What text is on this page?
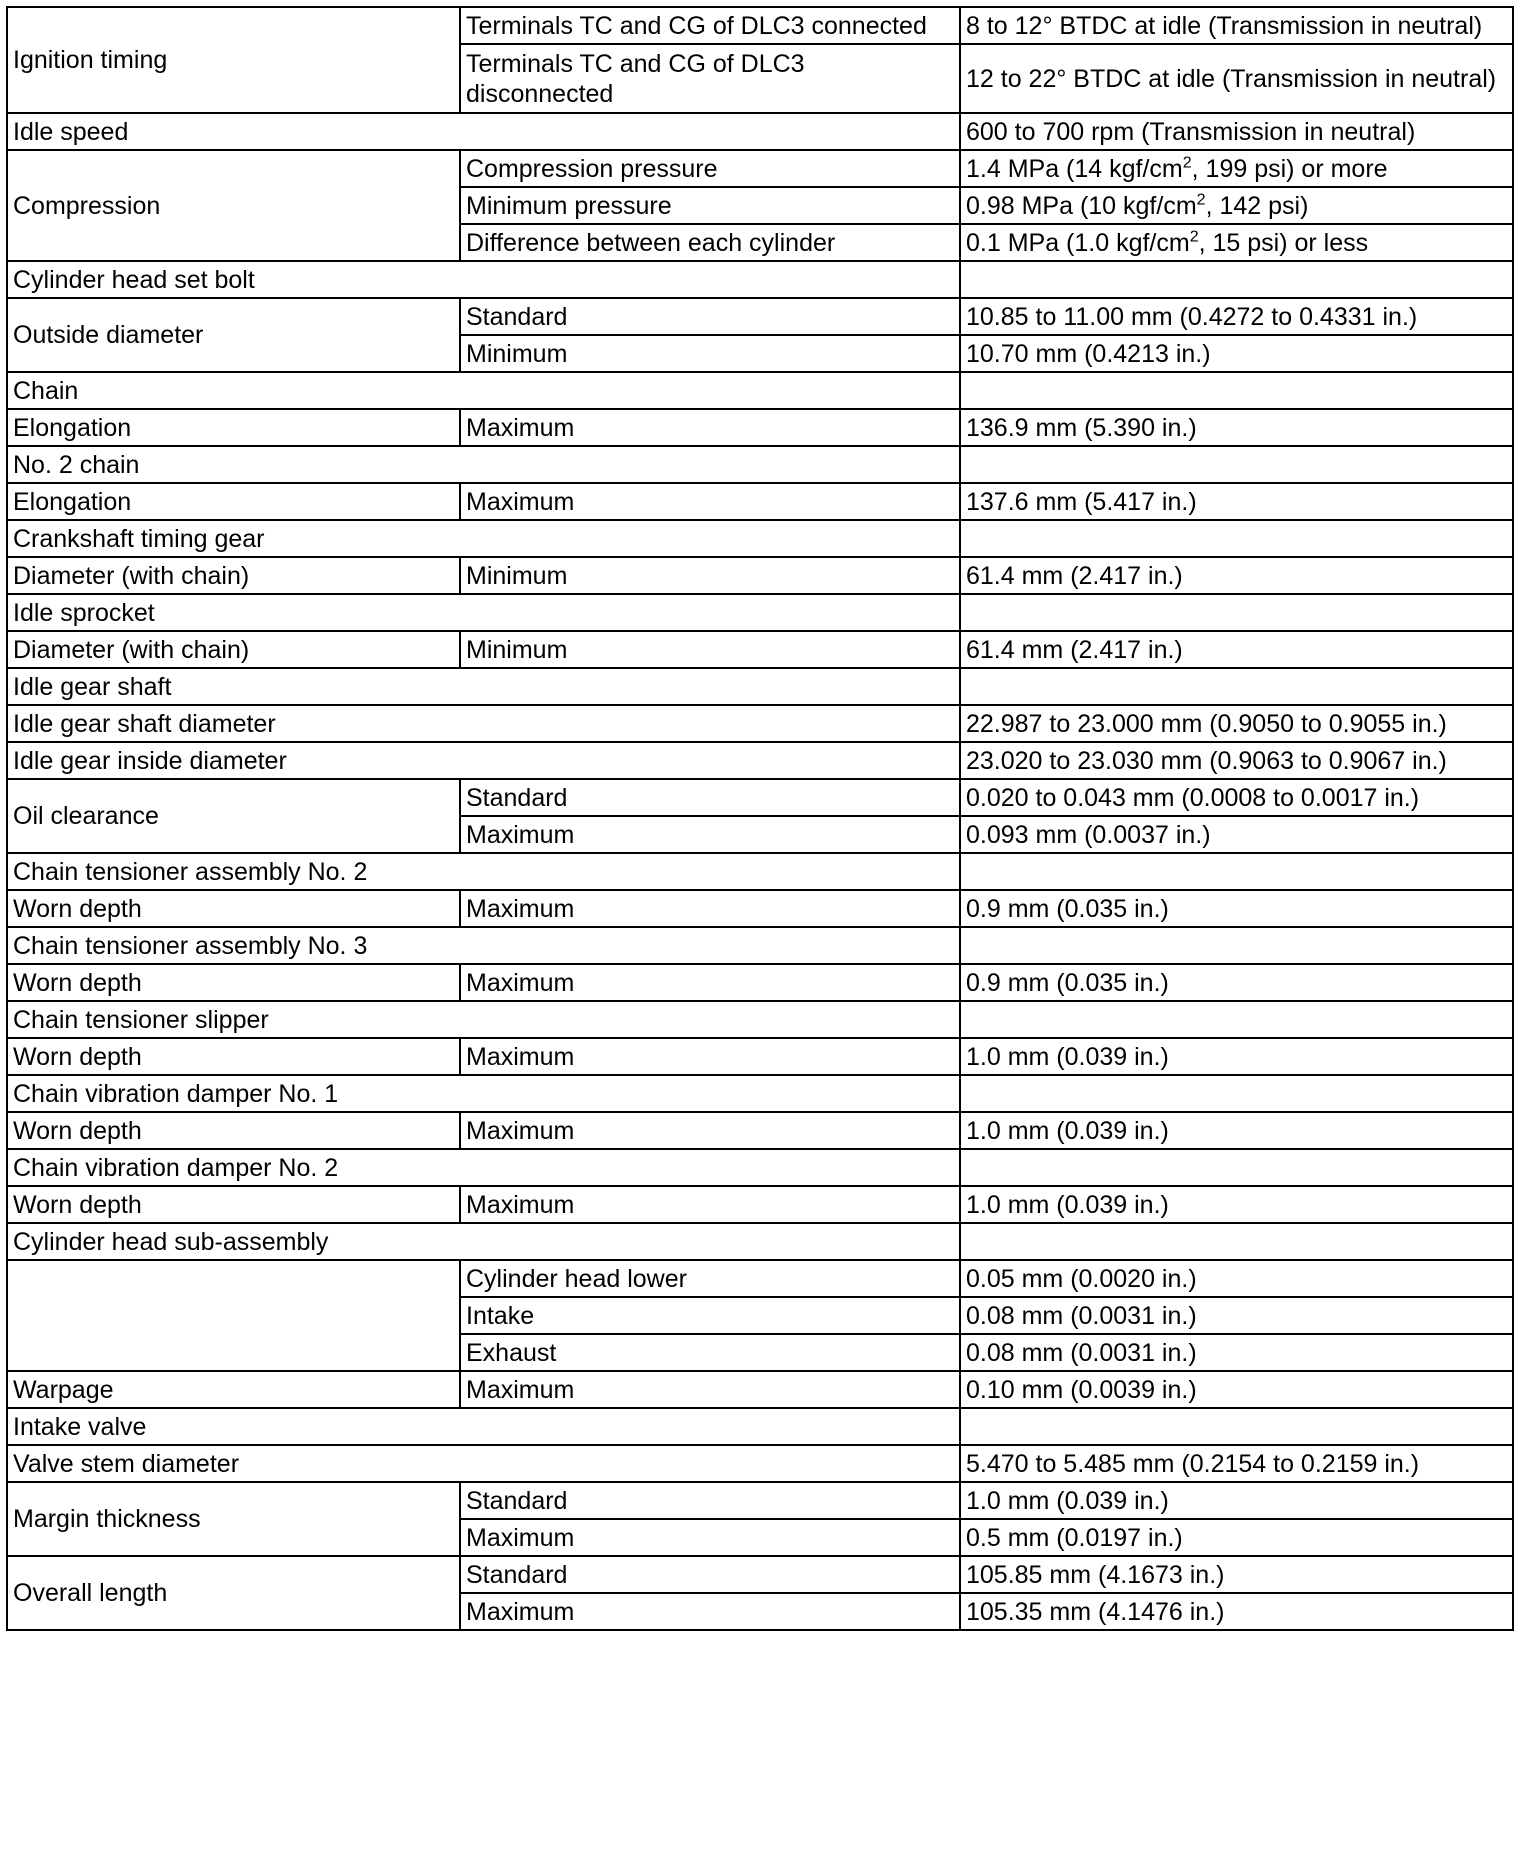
Ignition timing	Terminals TC and CG of DLC3 connected	8 to 12° BTDC at idle (Transmission in neutral)
	Terminals TC and CG of DLC3 disconnected	12 to 22° BTDC at idle (Transmission in neutral)
Idle speed		600 to 700 rpm (Transmission in neutral)
Compression	Compression pressure	1.4 MPa (14 kgf/$cm^2$, 199 psi) or more
	Minimum pressure	0.98 MPa (10 kgf/$cm^2$, 142 psi)
	Difference between each cylinder	0.1 MPa (1.0 kgf/$cm^2$, 15 psi) or less
Cylinder head set bolt		
Outside diameter	Standard	10.85 to 11.00 mm (0.4272 to 0.4331 in.)
	Minimum	10.70 mm (0.4213 in.)
Chain		
Elongation	Maximum	136.9 mm (5.390 in.)
No. 2 chain		
Elongation	Maximum	137.6 mm (5.417 in.)
Crankshaft timing gear		
Diameter (with chain)	Minimum	61.4 mm (2.417 in.)
Idle sprocket		
Diameter (with chain)	Minimum	61.4 mm (2.417 in.)
Idle gear shaft		
Idle gear shaft diameter		22.987 to 23.000 mm (0.9050 to 0.9055 in.)
Idle gear inside diameter		23.020 to 23.030 mm (0.9063 to 0.9067 in.)
Oil clearance	Standard	0.020 to 0.043 mm (0.0008 to 0.0017 in.)
	Maximum	0.093 mm (0.0037 in.)
Chain tensioner assembly No. 2		
Worn depth	Maximum	0.9 mm (0.035 in.)
Chain tensioner assembly No. 3		
Worn depth	Maximum	0.9 mm (0.035 in.)
Chain tensioner slipper		
Worn depth	Maximum	1.0 mm (0.039 in.)
Chain vibration damper No. 1		
Worn depth	Maximum	1.0 mm (0.039 in.)
Chain vibration damper No. 2		
Worn depth	Maximum	1.0 mm (0.039 in.)
Cylinder head sub-assembly		
	Cylinder head lower	0.05 mm (0.0020 in.)
	Intake	0.08 mm (0.0031 in.)
	Exhaust	0.08 mm (0.0031 in.)
Warpage	Maximum	0.10 mm (0.0039 in.)
Intake valve		
Valve stem diameter		5.470 to 5.485 mm (0.2154 to 0.2159 in.)
Margin thickness	Standard	1.0 mm (0.039 in.)
	Maximum	0.5 mm (0.0197 in.)
Overall length	Standard	105.85 mm (4.1673 in.)
	Maximum	105.35 mm (4.1476 in.)
